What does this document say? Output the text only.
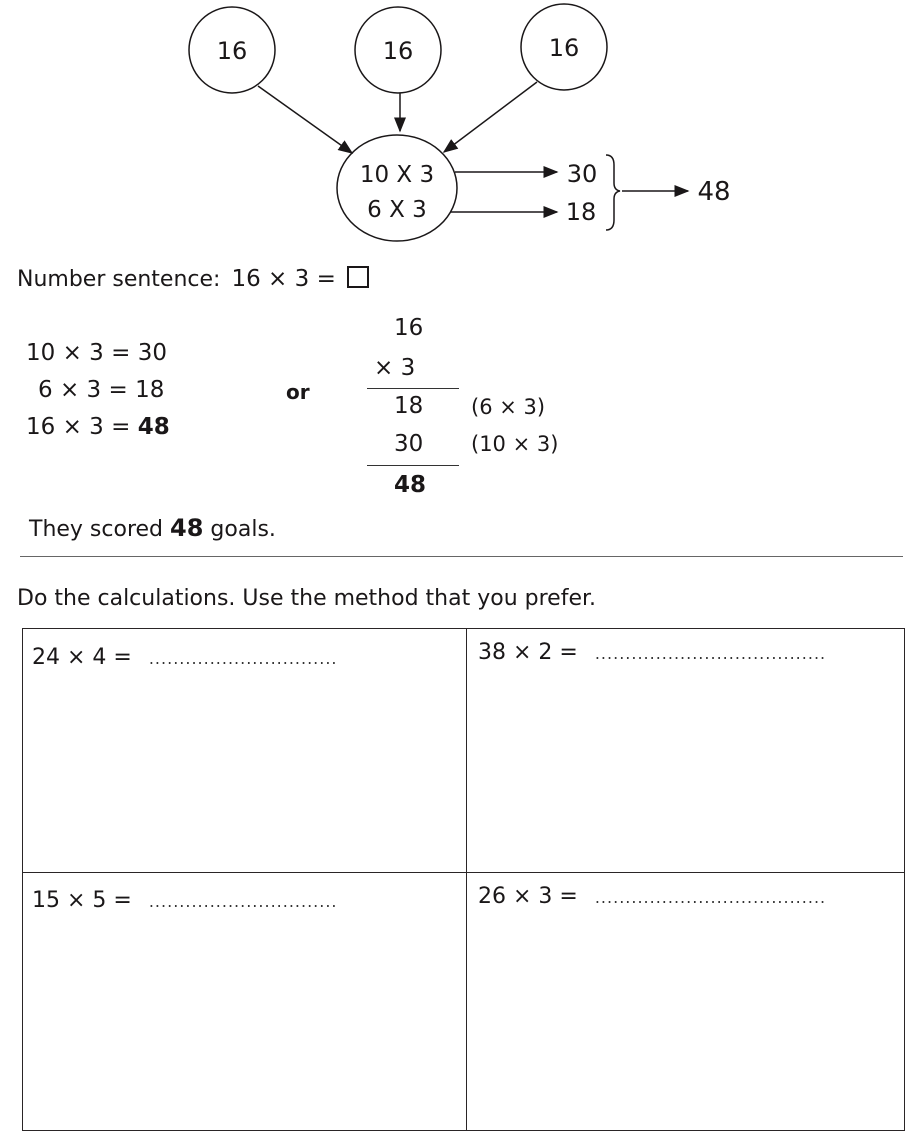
16	16	16
10 X 3
6 X 3
30
18
48
Number sentence: 16 × 3 =
10 × 3 = 30
6 × 3 = 18
16 × 3 = 48
or
16
× 3
18 (6 × 3)
30 (10 × 3)
48
They scored 48 goals.
Do the calculations. Use the method that you prefer.
24 × 4 = ...............................	38 × 2 = ......................................
15 × 5 = ...............................	26 × 3 = ......................................
